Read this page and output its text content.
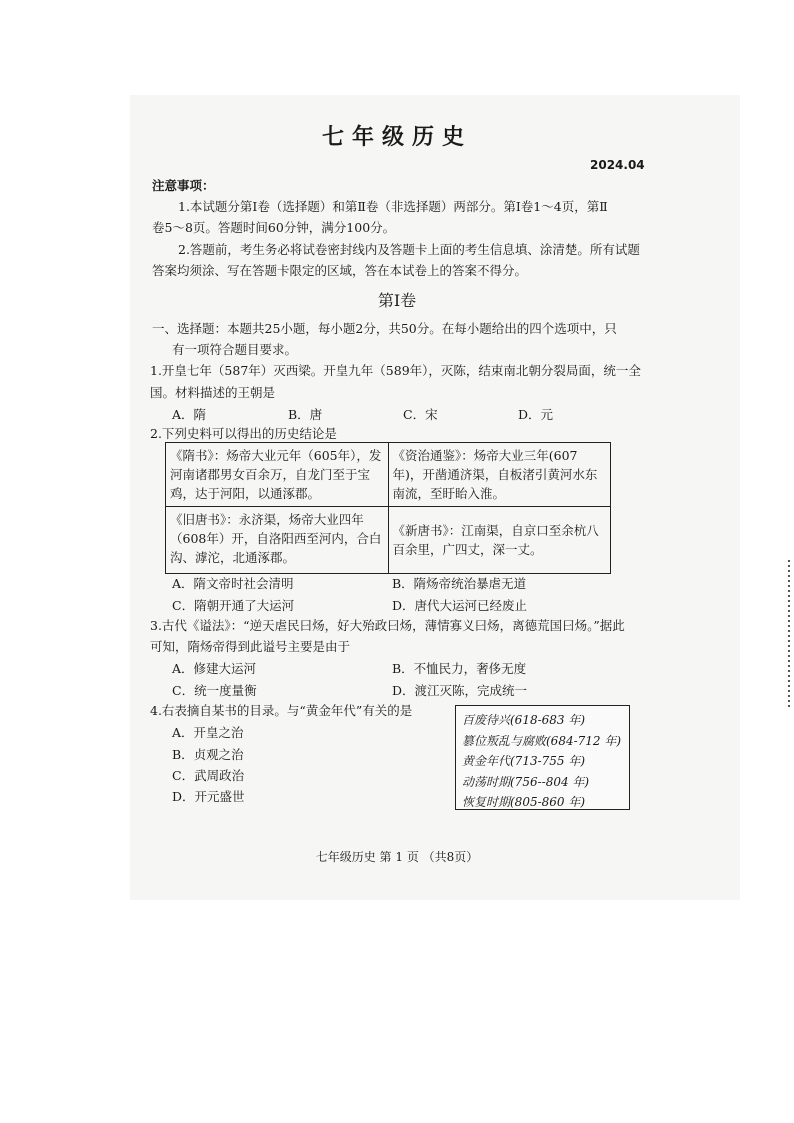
七年级历史
2024.04
注意事项：
1.本试题分第Ⅰ卷（选择题）和第Ⅱ卷（非选择题）两部分。第Ⅰ卷1～4页，第Ⅱ
卷5～8页。答题时间60分钟，满分100分。
2.答题前，考生务必将试卷密封线内及答题卡上面的考生信息填、涂清楚。所有试题
答案均须涂、写在答题卡限定的区域，答在本试卷上的答案不得分。
第Ⅰ卷
一、选择题：本题共25小题，每小题2分，共50分。在每小题给出的四个选项中，只
有一项符合题目要求。
1.开皇七年（587年）灭西梁。开皇九年（589年），灭陈，结束南北朝分裂局面，统一全
国。材料描述的王朝是
A．隋	B．唐	C．宋	D．元
2.下列史料可以得出的历史结论是
《隋书》：炀帝大业元年（605年），发河南诸郡男女百余万，自龙门至于宝鸡，达于河阳，以通涿郡。	《资治通鉴》：炀帝大业三年(607年)，开凿通济渠，自板渚引黄河水东南流，至盱眙入淮。
《旧唐书》：永济渠，炀帝大业四年（608年）开，自洛阳西至河内，合白沟、滹沱，北通涿郡。	《新唐书》：江南渠，自京口至余杭八百余里，广四丈，深一丈。
A．隋文帝时社会清明	B．隋炀帝统治暴虐无道
C．隋朝开通了大运河	D．唐代大运河已经废止
3.古代《谥法》：“逆天虐民曰炀，好大殆政曰炀，薄情寡义曰炀，离德荒国曰炀。”据此
可知，隋炀帝得到此谥号主要是由于
A．修建大运河	B．不恤民力，奢侈无度
C．统一度量衡	D．渡江灭陈，完成统一
4.右表摘自某书的目录。与“黄金年代”有关的是
A．开皇之治
B．贞观之治
C．武周政治
D．开元盛世
百废待兴(618-683 年)
篡位叛乱与腐败(684-712 年)
黄金年代(713-755 年)
动荡时期(756--804 年)
恢复时期(805-860 年)
七年级历史 第 1 页 （共8页）
